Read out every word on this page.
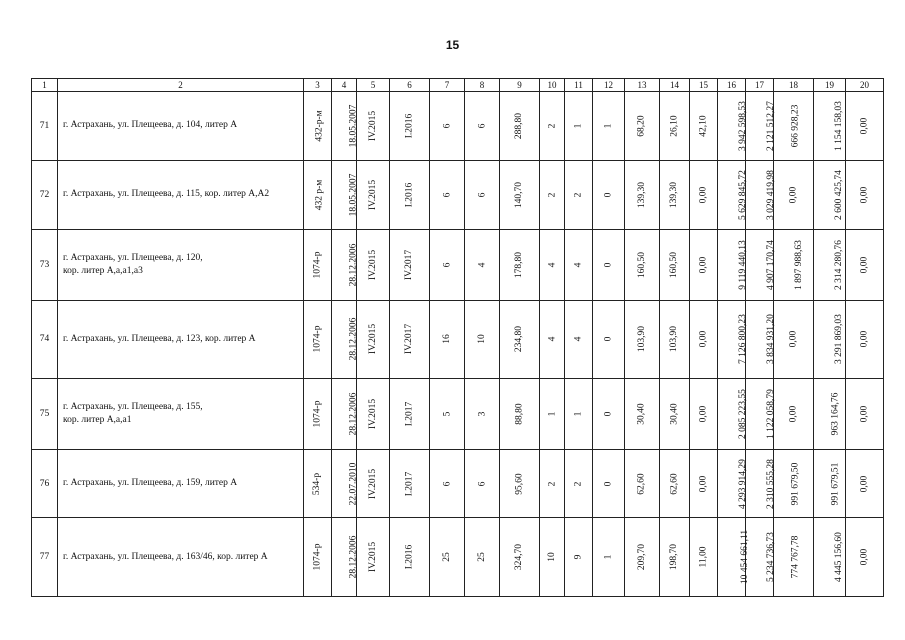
15
1	2	3	4	5	6	7	8	9	10	11	12	13	14	15	16	17	18	19	20
71	г. Астрахань, ул. Плещеева, д. 104, литер А	432-р-м	18.05.2007	IV.2015	I.2016	6	6	288,80	2	1	1	68,20	26,10	42,10	3 942 598,53	2 121 512,27	666 928,23	1 154 158,03	0,00
72	г. Астрахань, ул. Плещеева, д. 115, кор. литер А,А2	432 р-м	18.05.2007	IV.2015	I.2016	6	6	140,70	2	2	0	139,30	139,30	0,00	5 629 845,72	3 029 419,98	0,00	2 600 425,74	0,00
73	г. Астрахань, ул. Плещеева, д. 120,
кор. литер А,а,а1,а3	1074-р	28.12.2006	IV.2015	IV.2017	6	4	178,80	4	4	0	160,50	160,50	0,00	9 119 440,13	4 907 170,74	1 897 988,63	2 314 280,76	0,00
74	г. Астрахань, ул. Плещеева, д. 123, кор. литер А	1074-р	28.12.2006	IV.2015	IV.2017	16	10	234,80	4	4	0	103,90	103,90	0,00	7 126 800,23	3 834 931,20	0,00	3 291 869,03	0,00
75	г. Астрахань, ул. Плещеева, д. 155,
кор. литер А,а,а1	1074-р	28.12.2006	IV.2015	I.2017	5	3	88,80	1	1	0	30,40	30,40	0,00	2 085 223,55	1 122 058,79	0,00	963 164,76	0,00
76	г. Астрахань, ул. Плещеева, д. 159, литер А	534-р	22.07.2010	IV.2015	I.2017	6	6	95,60	2	2	0	62,60	62,60	0,00	4 293 914,29	2 310 555,28	991 679,50	991 679,51	0,00
77	г. Астрахань, ул. Плещеева, д. 163/46, кор. литер А	1074-р	28.12.2006	IV.2015	I.2016	25	25	324,70	10	9	1	209,70	198,70	11,00	10 454 661,11	5 234 736,73	774 767,78	4 445 156,60	0,00
